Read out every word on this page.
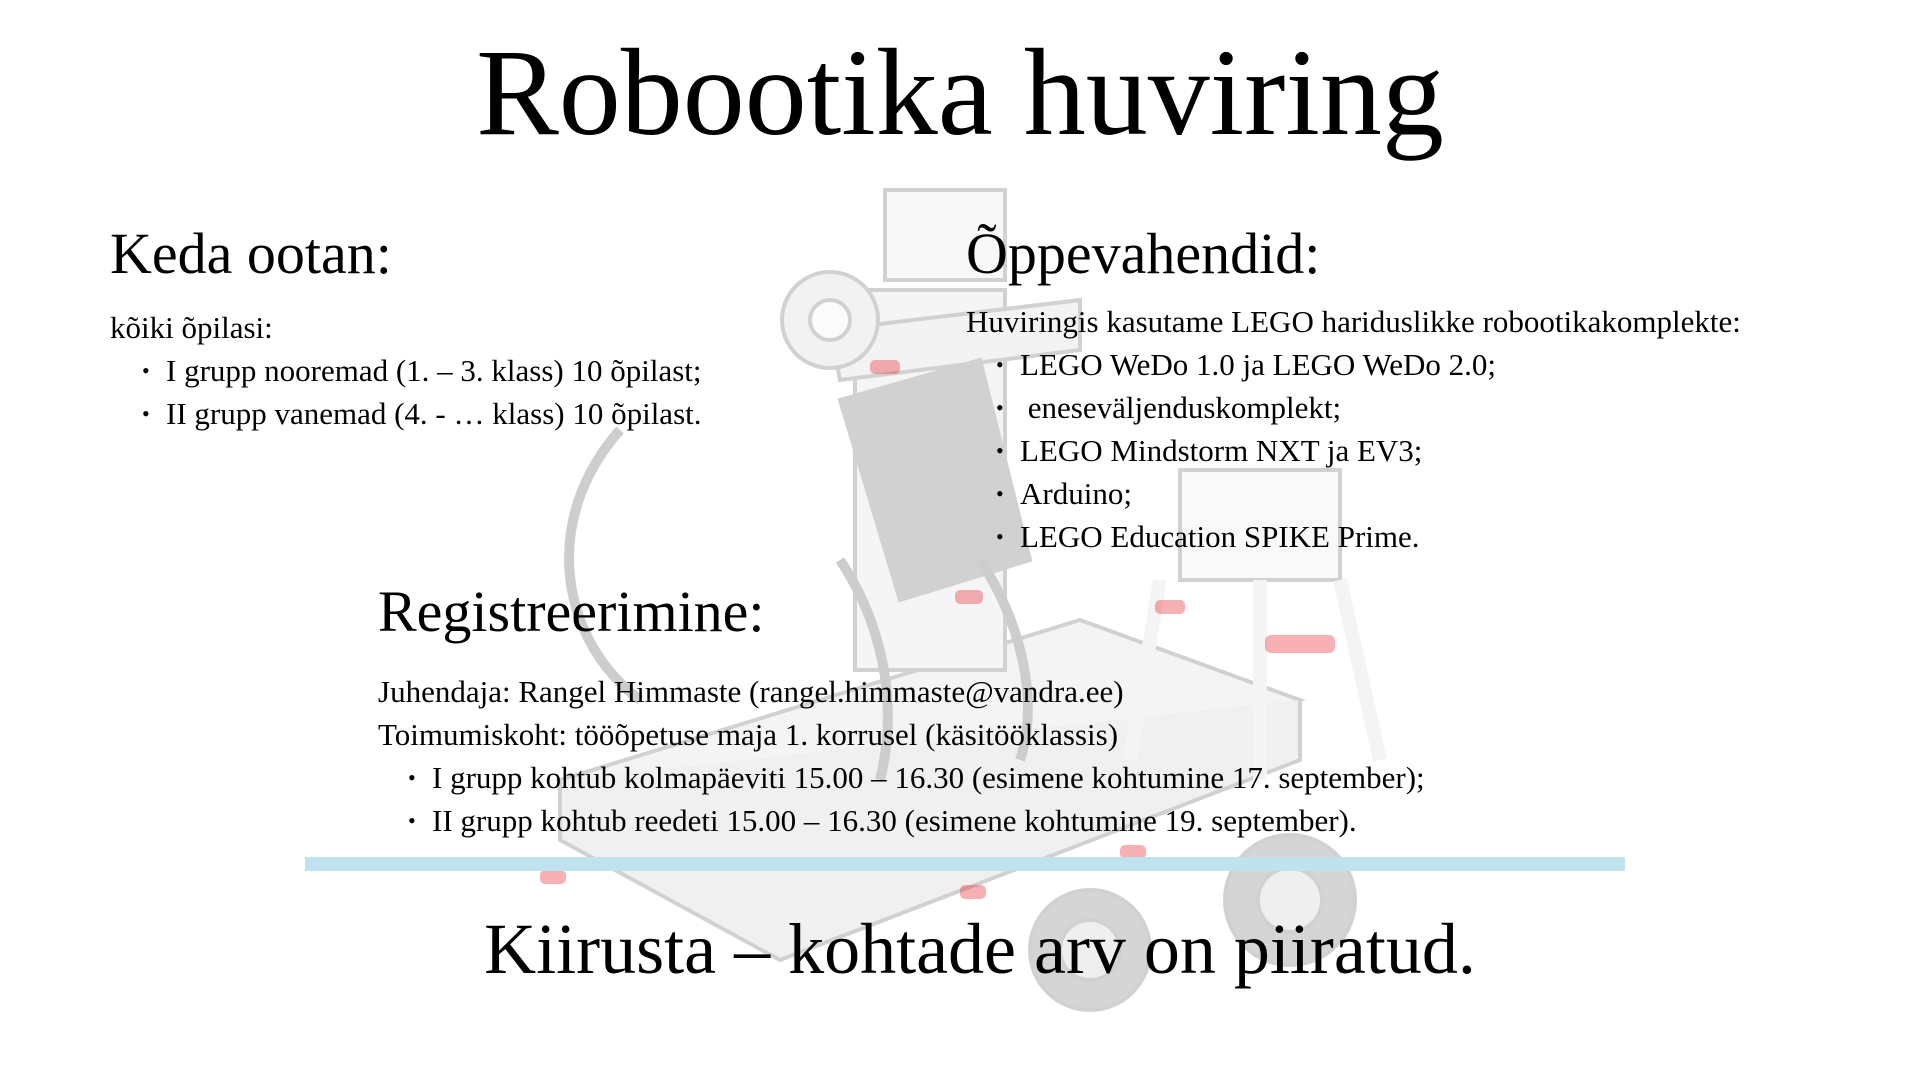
Robootika huviring
Keda ootan:

kõiki õpilasi:

• I grupp nooremad (1. – 3. klass) 10 õpilast;
• II grupp vanemad (4. - … klass) 10 õpilast.
Õppevahendid:

Huviringis kasutame LEGO hariduslikke robootikakomplekte:

• LEGO WeDo 1.0 ja LEGO WeDo 2.0;
•  eneseväljenduskomplekt;
• LEGO Mindstorm NXT ja EV3;
• Arduino;
• LEGO Education SPIKE Prime.
Registreerimine:

Juhendaja: Rangel Himmaste (rangel.himmaste@vandra.ee)

Toimumiskoht: tööõpetuse maja 1. korrusel (käsitööklassis)

• I grupp kohtub kolmapäeviti 15.00 – 16.30 (esimene kohtumine 17. september);
• II grupp kohtub reedeti 15.00 – 16.30 (esimene kohtumine 19. september).

Kiirusta – kohtade arv on piiratud.
